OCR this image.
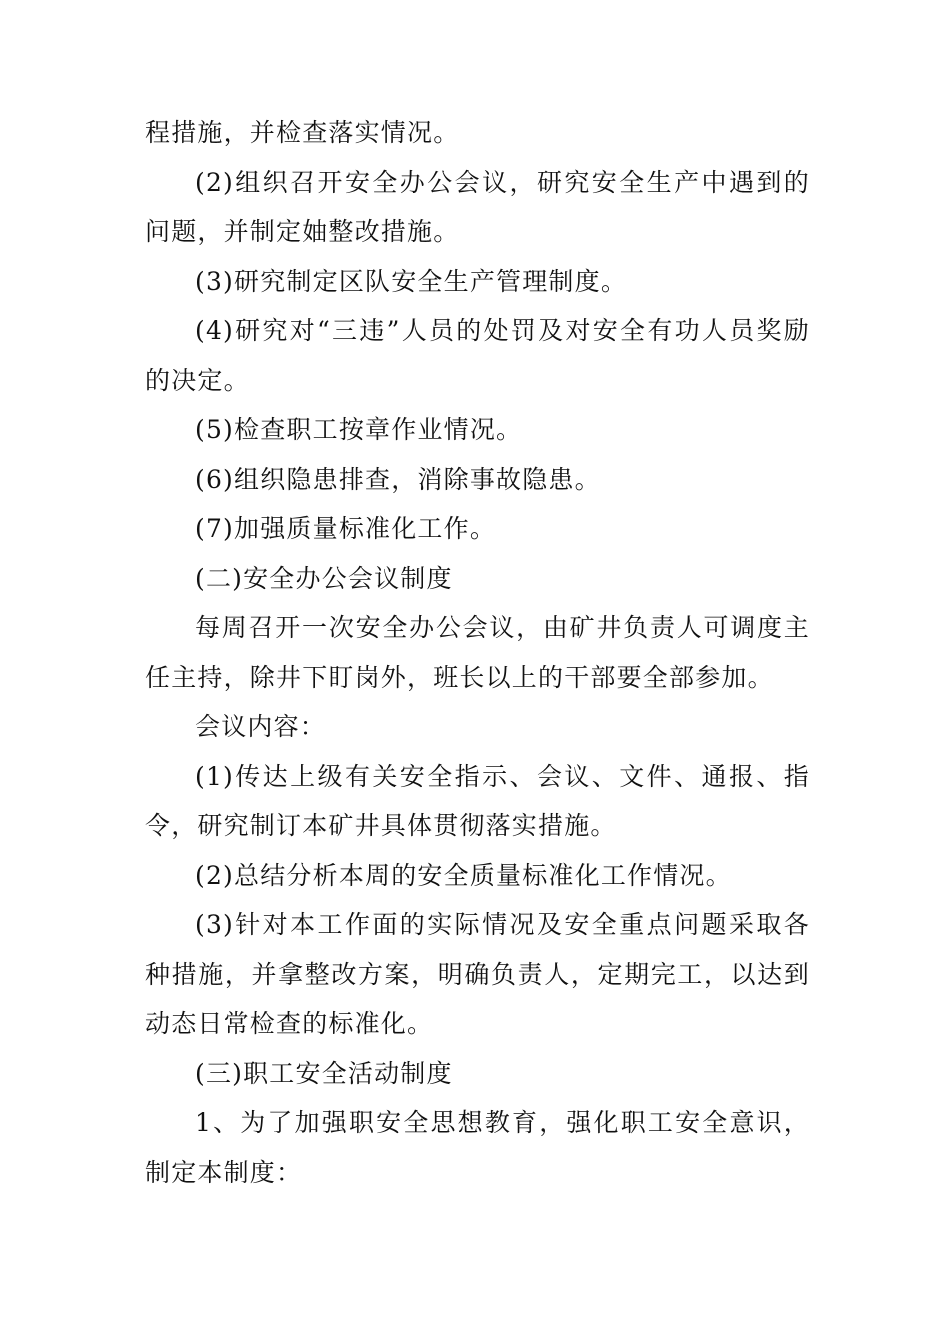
程措施，并检查落实情况。

(2)组织召开安全办公会议，研究安全生产中遇到的问题，并制定妯整改措施。

(3)研究制定区队安全生产管理制度。

(4)研究对“三违”人员的处罚及对安全有功人员奖励的决定。

(5)检查职工按章作业情况。

(6)组织隐患排查，消除事故隐患。

(7)加强质量标准化工作。

(二)安全办公会议制度

每周召开一次安全办公会议，由矿井负责人可调度主任主持，除井下盯岗外，班长以上的干部要全部参加。

会议内容：

(1)传达上级有关安全指示、会议、文件、通报、指令，研究制订本矿井具体贯彻落实措施。

(2)总结分析本周的安全质量标准化工作情况。

(3)针对本工作面的实际情况及安全重点问题采取各种措施，并拿整改方案，明确负责人，定期完工，以达到动态日常检查的标准化。

(三)职工安全活动制度

1、为了加强职安全思想教育，强化职工安全意识，制定本制度：
